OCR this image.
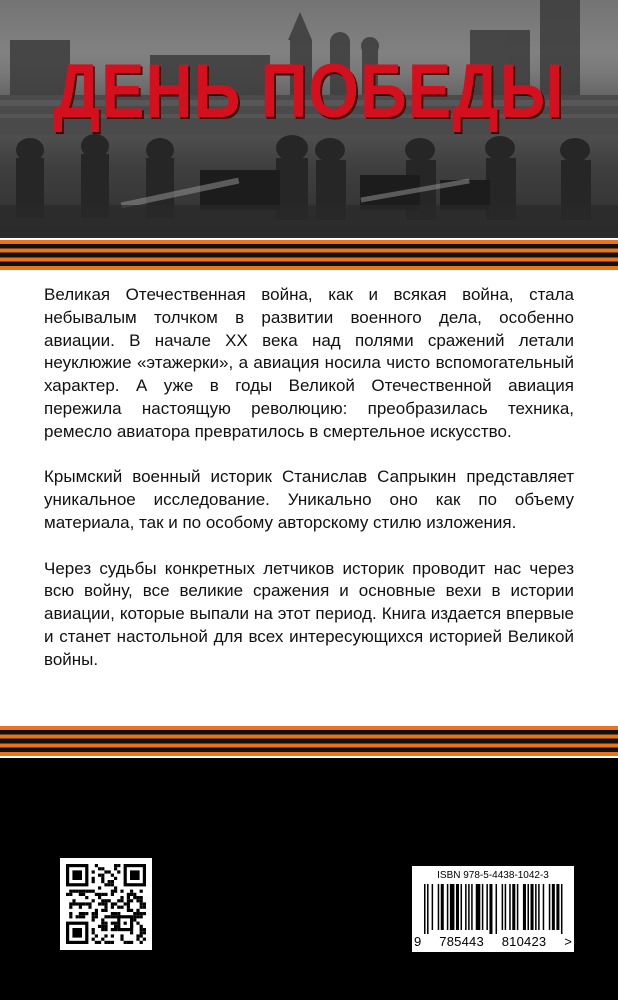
ДЕНЬ ПОБЕДЫ

Великая Отечественная война, как и всякая война, стала небывалым толчком в развитии военного дела, особенно авиации. В начале XX века над полями сражений летали неуклюжие «этажерки», а авиация носила чисто вспомогательный характер. А уже в годы Великой Отечественной авиация пережила настоящую революцию: преобразилась техника, ремесло авиатора превратилось в смертельное искусство.

Крымский военный историк Станислав Сапрыкин представляет уникальное исследование. Уникально оно как по объему материала, так и по особому авторскому стилю изложения.

Через судьбы конкретных летчиков историк проводит нас через всю войну, все великие сражения и основные вехи в истории авиации, которые выпали на этот период. Книга издается впервые и станет настольной для всех интересующихся историей Великой войны.

ISBN 978-5-4438-1042-3
9 785443 810423 >
